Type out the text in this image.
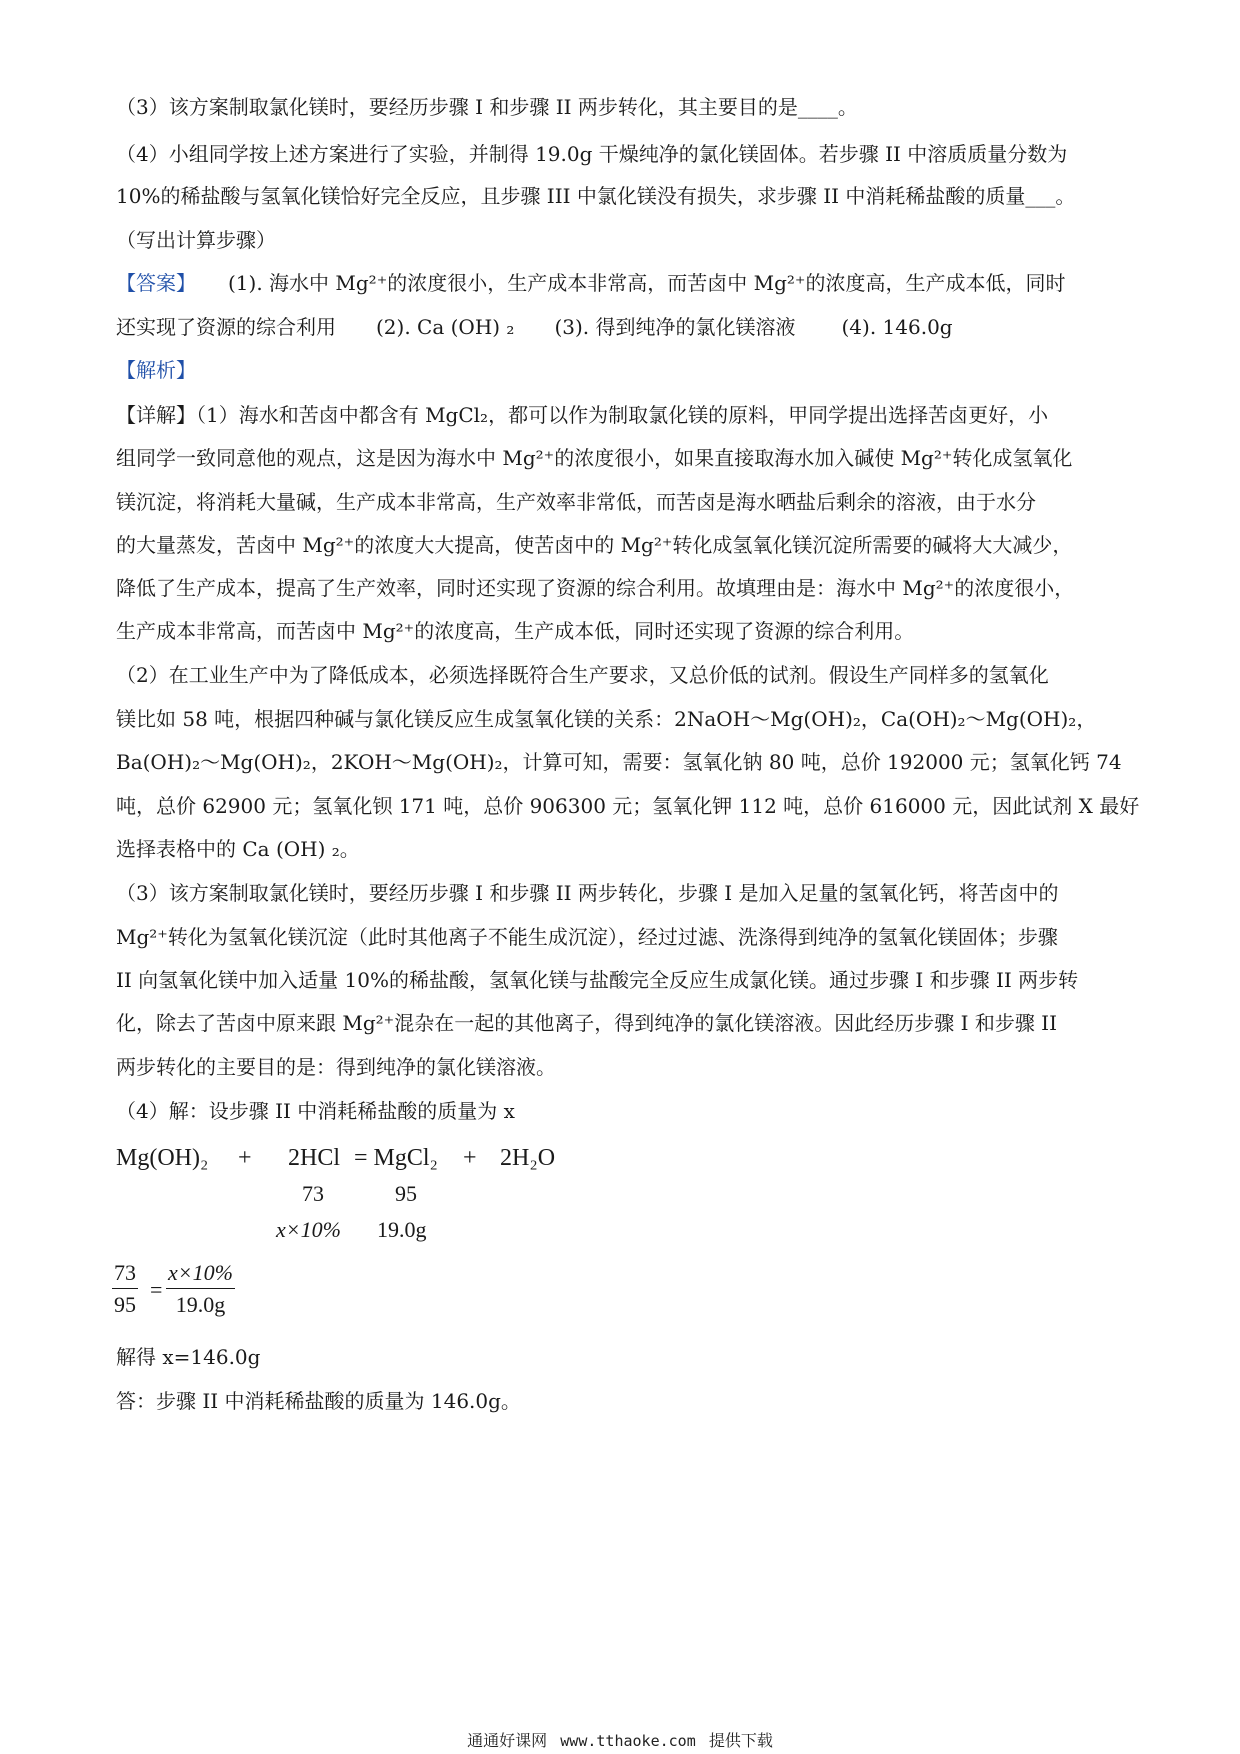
（3）该方案制取氯化镁时，要经历步骤 I 和步骤 II 两步转化，其主要目的是____。
（4）小组同学按上述方案进行了实验，并制得 19.0g 干燥纯净的氯化镁固体。若步骤 II 中溶质质量分数为
10%的稀盐酸与氢氧化镁恰好完全反应，且步骤 III 中氯化镁没有损失，求步骤 II 中消耗稀盐酸的质量___。
（写出计算步骤）
【答案】 (1). 海水中 Mg²⁺的浓度很小，生产成本非常高，而苦卤中 Mg²⁺的浓度高，生产成本低，同时
还实现了资源的综合利用 (2). Ca (OH) ₂ (3). 得到纯净的氯化镁溶液 (4). 146.0g
【解析】
【详解】（1）海水和苦卤中都含有 MgCl₂，都可以作为制取氯化镁的原料，甲同学提出选择苦卤更好，小
组同学一致同意他的观点，这是因为海水中 Mg²⁺的浓度很小，如果直接取海水加入碱使 Mg²⁺转化成氢氧化
镁沉淀，将消耗大量碱，生产成本非常高，生产效率非常低，而苦卤是海水晒盐后剩余的溶液，由于水分
的大量蒸发，苦卤中 Mg²⁺的浓度大大提高，使苦卤中的 Mg²⁺转化成氢氧化镁沉淀所需要的碱将大大减少，
降低了生产成本，提高了生产效率，同时还实现了资源的综合利用。故填理由是：海水中 Mg²⁺的浓度很小，
生产成本非常高，而苦卤中 Mg²⁺的浓度高，生产成本低，同时还实现了资源的综合利用。
（2）在工业生产中为了降低成本，必须选择既符合生产要求，又总价低的试剂。假设生产同样多的氢氧化
镁比如 58 吨，根据四种碱与氯化镁反应生成氢氧化镁的关系：2NaOH～Mg(OH)₂，Ca(OH)₂～Mg(OH)₂，
Ba(OH)₂～Mg(OH)₂，2KOH～Mg(OH)₂，计算可知，需要：氢氧化钠 80 吨，总价 192000 元；氢氧化钙 74
吨，总价 62900 元；氢氧化钡 171 吨，总价 906300 元；氢氧化钾 112 吨，总价 616000 元，因此试剂 X 最好
选择表格中的 Ca (OH) ₂。
（3）该方案制取氯化镁时，要经历步骤 I 和步骤 II 两步转化，步骤 I 是加入足量的氢氧化钙，将苦卤中的
Mg²⁺转化为氢氧化镁沉淀（此时其他离子不能生成沉淀），经过过滤、洗涤得到纯净的氢氧化镁固体；步骤
II 向氢氧化镁中加入适量 10%的稀盐酸，氢氧化镁与盐酸完全反应生成氯化镁。通过步骤 I 和步骤 II 两步转
化，除去了苦卤中原来跟 Mg²⁺混杂在一起的其他离子，得到纯净的氯化镁溶液。因此经历步骤 I 和步骤 II
两步转化的主要目的是：得到纯净的氯化镁溶液。
（4）解：设步骤 II 中消耗稀盐酸的质量为 x
Mg(OH)₂ + 2HCl = MgCl₂ + 2H₂O
73	95
x×10% 19.0g
$\frac{73}{95} = \frac{x\times 10\%}{19.0g}$
解得 x=146.0g
答：步骤 II 中消耗稀盐酸的质量为 146.0g。
通通好课网 www.tthaoke.com 提供下载
